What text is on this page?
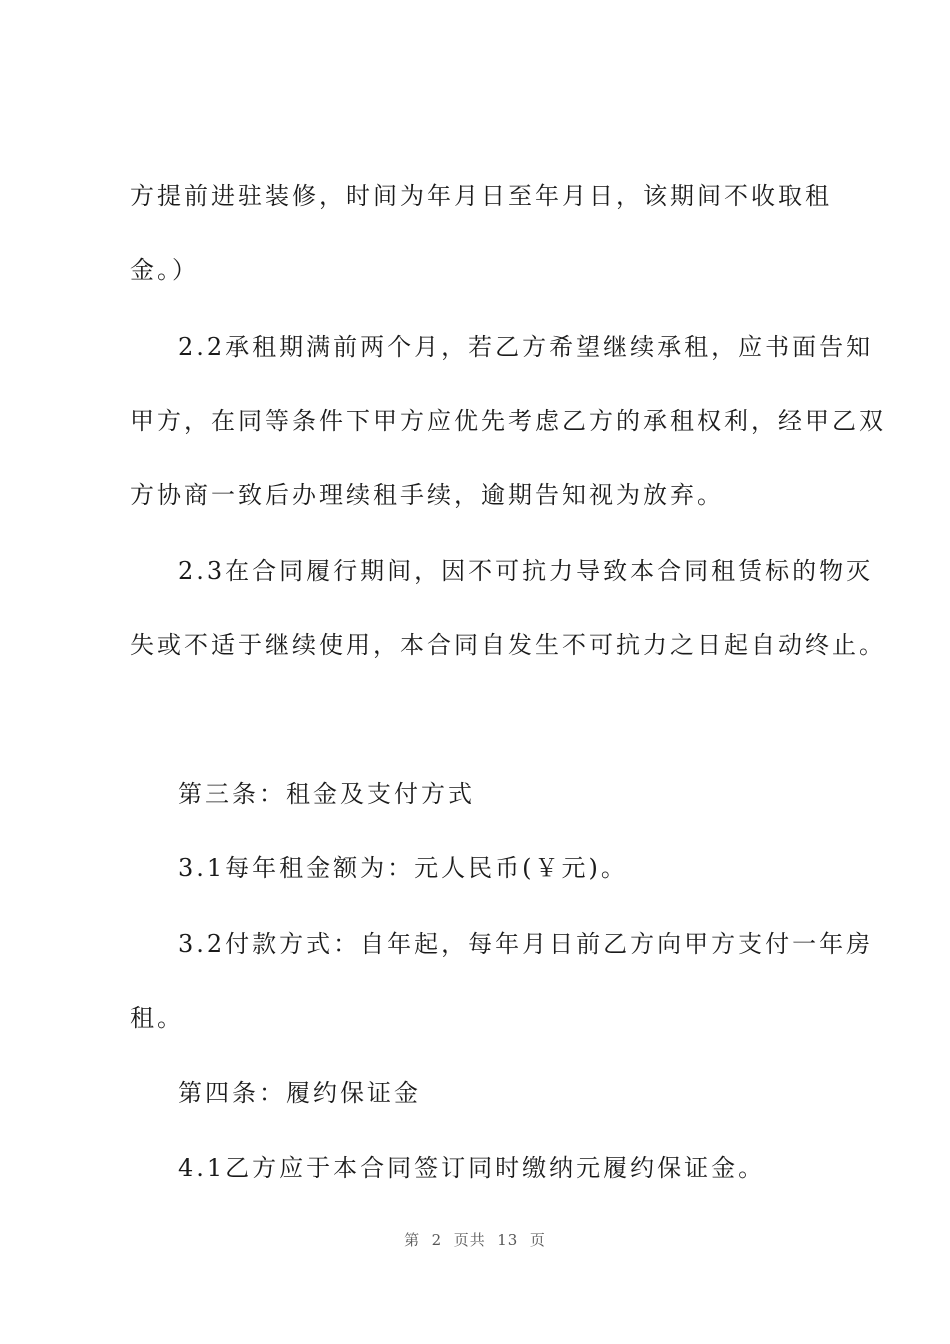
方提前进驻装修，时间为年月日至年月日，该期间不收取租
金。）
2.2承租期满前两个月，若乙方希望继续承租，应书面告知
甲方，在同等条件下甲方应优先考虑乙方的承租权利，经甲乙双
方协商一致后办理续租手续，逾期告知视为放弃。
2.3在合同履行期间，因不可抗力导致本合同租赁标的物灭
失或不适于继续使用，本合同自发生不可抗力之日起自动终止。
第三条：租金及支付方式
3.1每年租金额为：元人民币(￥元)。
3.2付款方式：自年起，每年月日前乙方向甲方支付一年房
租。
第四条：履约保证金
4.1乙方应于本合同签订同时缴纳元履约保证金。
第  2  页共  13  页
